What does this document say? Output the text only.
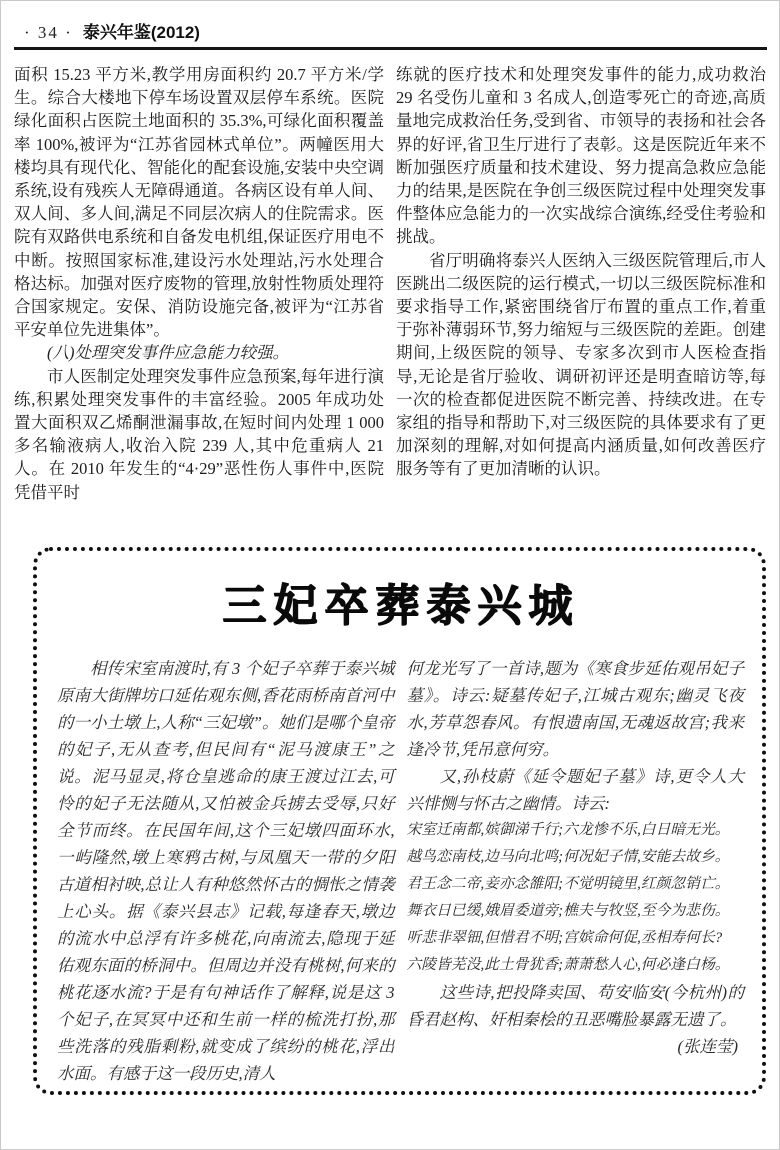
· 34 · 泰兴年鉴(2012)

面积 15.23 平方米,教学用房面积约 20.7 平方米/学生。综合大楼地下停车场设置双层停车系统。医院绿化面积占医院土地面积的 35.3%,可绿化面积覆盖率 100%,被评为“江苏省园林式单位”。两幢医用大楼均具有现代化、智能化的配套设施,安装中央空调系统,设有残疾人无障碍通道。各病区设有单人间、双人间、多人间,满足不同层次病人的住院需求。医院有双路供电系统和自备发电机组,保证医疗用电不中断。按照国家标准,建设污水处理站,污水处理合格达标。加强对医疗废物的管理,放射性物质处理符合国家规定。安保、消防设施完备,被评为“江苏省平安单位先进集体”。

(八)处理突发事件应急能力较强。

市人医制定处理突发事件应急预案,每年进行演练,积累处理突发事件的丰富经验。2005 年成功处置大面积双乙烯酮泄漏事故,在短时间内处理 1 000 多名输液病人,收治入院 239 人,其中危重病人 21 人。在 2010 年发生的“4·29”恶性伤人事件中,医院凭借平时

练就的医疗技术和处理突发事件的能力,成功救治 29 名受伤儿童和 3 名成人,创造零死亡的奇迹,高质量地完成救治任务,受到省、市领导的表扬和社会各界的好评,省卫生厅进行了表彰。这是医院近年来不断加强医疗质量和技术建设、努力提高急救应急能力的结果,是医院在争创三级医院过程中处理突发事件整体应急能力的一次实战综合演练,经受住考验和挑战。

省厅明确将泰兴人医纳入三级医院管理后,市人医跳出二级医院的运行模式,一切以三级医院标准和要求指导工作,紧密围绕省厅布置的重点工作,着重于弥补薄弱环节,努力缩短与三级医院的差距。创建期间,上级医院的领导、专家多次到市人医检查指导,无论是省厅验收、调研初评还是明查暗访等,每一次的检查都促进医院不断完善、持续改进。在专家组的指导和帮助下,对三级医院的具体要求有了更加深刻的理解,对如何提高内涵质量,如何改善医疗服务等有了更加清晰的认识。

三妃卒葬泰兴城

相传宋室南渡时,有 3 个妃子卒葬于泰兴城原南大街牌坊口延佑观东侧,香花雨桥南首河中的一小土墩上,人称“三妃墩”。她们是哪个皇帝的妃子,无从查考,但民间有“泥马渡康王”之说。泥马显灵,将仓皇逃命的康王渡过江去,可怜的妃子无法随从,又怕被金兵掳去受辱,只好全节而终。在民国年间,这个三妃墩四面环水,一屿隆然,墩上寒鸦古树,与凤凰天一带的夕阳古道相衬映,总让人有种悠然怀古的惆怅之情袭上心头。据《泰兴县志》记载,每逢春天,墩边的流水中总浮有许多桃花,向南流去,隐现于延佑观东面的桥洞中。但周边并没有桃树,何来的桃花逐水流?于是有句神话作了解释,说是这 3 个妃子,在冥冥中还和生前一样的梳洗打扮,那些洗落的残脂剩粉,就变成了缤纷的桃花,浮出水面。有感于这一段历史,清人

何龙光写了一首诗,题为《寒食步延佑观吊妃子墓》。诗云:疑墓传妃子,江城古观东;幽灵飞夜水,芳草怨春风。有恨遗南国,无魂返故宫;我来逢冷节,凭吊意何穷。

又,孙枝蔚《延令题妃子墓》诗,更令人大兴悱恻与怀古之幽情。诗云:

宋室迁南都,嫔御涕千行;六龙惨不乐,白日暗无光。
越鸟恋南枝,边马向北鸣;何况妃子情,安能去故乡。
君王念二帝,妾亦念雒阳;不觉明镜里,红颜忽销亡。
舞衣日已缓,娥眉委道旁;樵夫与牧竖,至今为悲伤。
听悲非翠钿,但惜君不明;宫嫔命何促,丞相寿何长?
六陵皆芜没,此土骨犹香;萧萧愁人心,何必逢白杨。

这些诗,把投降卖国、苟安临安(今杭州)的昏君赵构、奸相秦桧的丑恶嘴脸暴露无遗了。

(张连莹)
